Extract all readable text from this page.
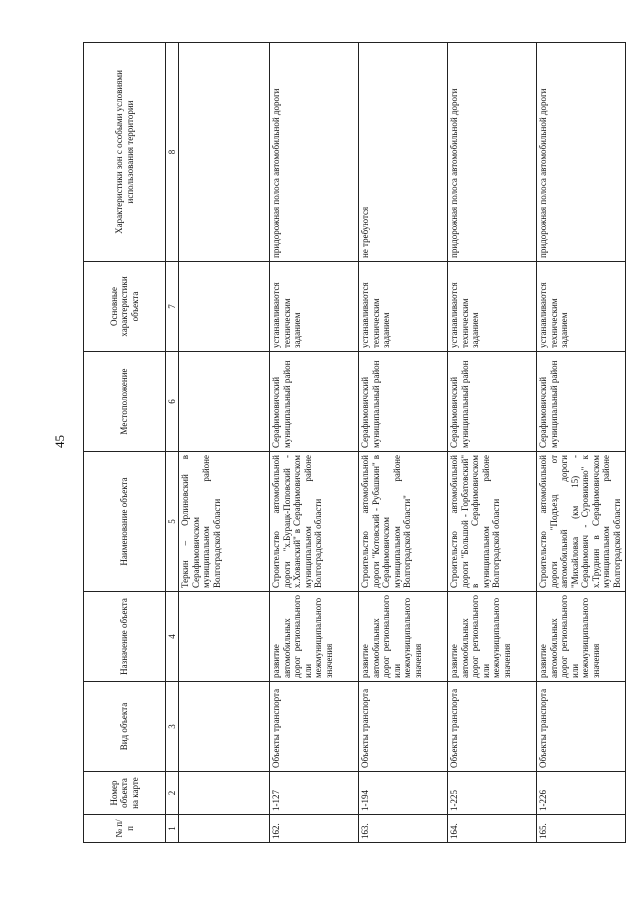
45
№ п/п	Номер объекта на карте	Вид объекта	Назначение объекта	Наименование объекта	Местоположение	Основные характеристики объекта	Характеристики зон с особыми условиями использования территории
1	2	3	4	5	6	7	8
				Теркин – Орлиновский в Серафимовичском муниципальном районе Волгоградской области			
162.	1-127	Объекты транспорта	развитие автомобильных дорог регионального или межмуниципального значения	Строительство автомобильной дороги "х.Бурацк-Поповский - х.Хованский" в Серафимовичском муниципальном районе Волгоградской области	Серафимовичский муниципальный район	устанавливаются техническим заданием	придорожная полоса автомобильной дороги
163.	1-194	Объекты транспорта	развитие автомобильных дорог регионального или межмуниципального значения	Строительство автомобильной дороги "Котовский - Рубашкин" в Серафимовичском муниципальном районе Волгоградской области"	Серафимовичский муниципальный район	устанавливаются техническим заданием	не требуются
164.	1-225	Объекты транспорта	развитие автомобильных дорог регионального или межмуниципального значения	Строительство автомобильной дороги "Большой - Горбатовский" в Серафимовичском муниципальном районе Волгоградской области	Серафимовичский муниципальный район	устанавливаются техническим заданием	придорожная полоса автомобильной дороги
165.	1-226	Объекты транспорта	развитие автомобильных дорог регионального или межмуниципального значения	Строительство автомобильной дороги "Подъезд от автомобильной дороги "Михайловка (км 15) - Серафимович - Суровикино" к х.Труднин в Серафимовичском муниципальном районе Волгоградской области	Серафимовичский муниципальный район	устанавливаются техническим заданием	придорожная полоса автомобильной дороги
